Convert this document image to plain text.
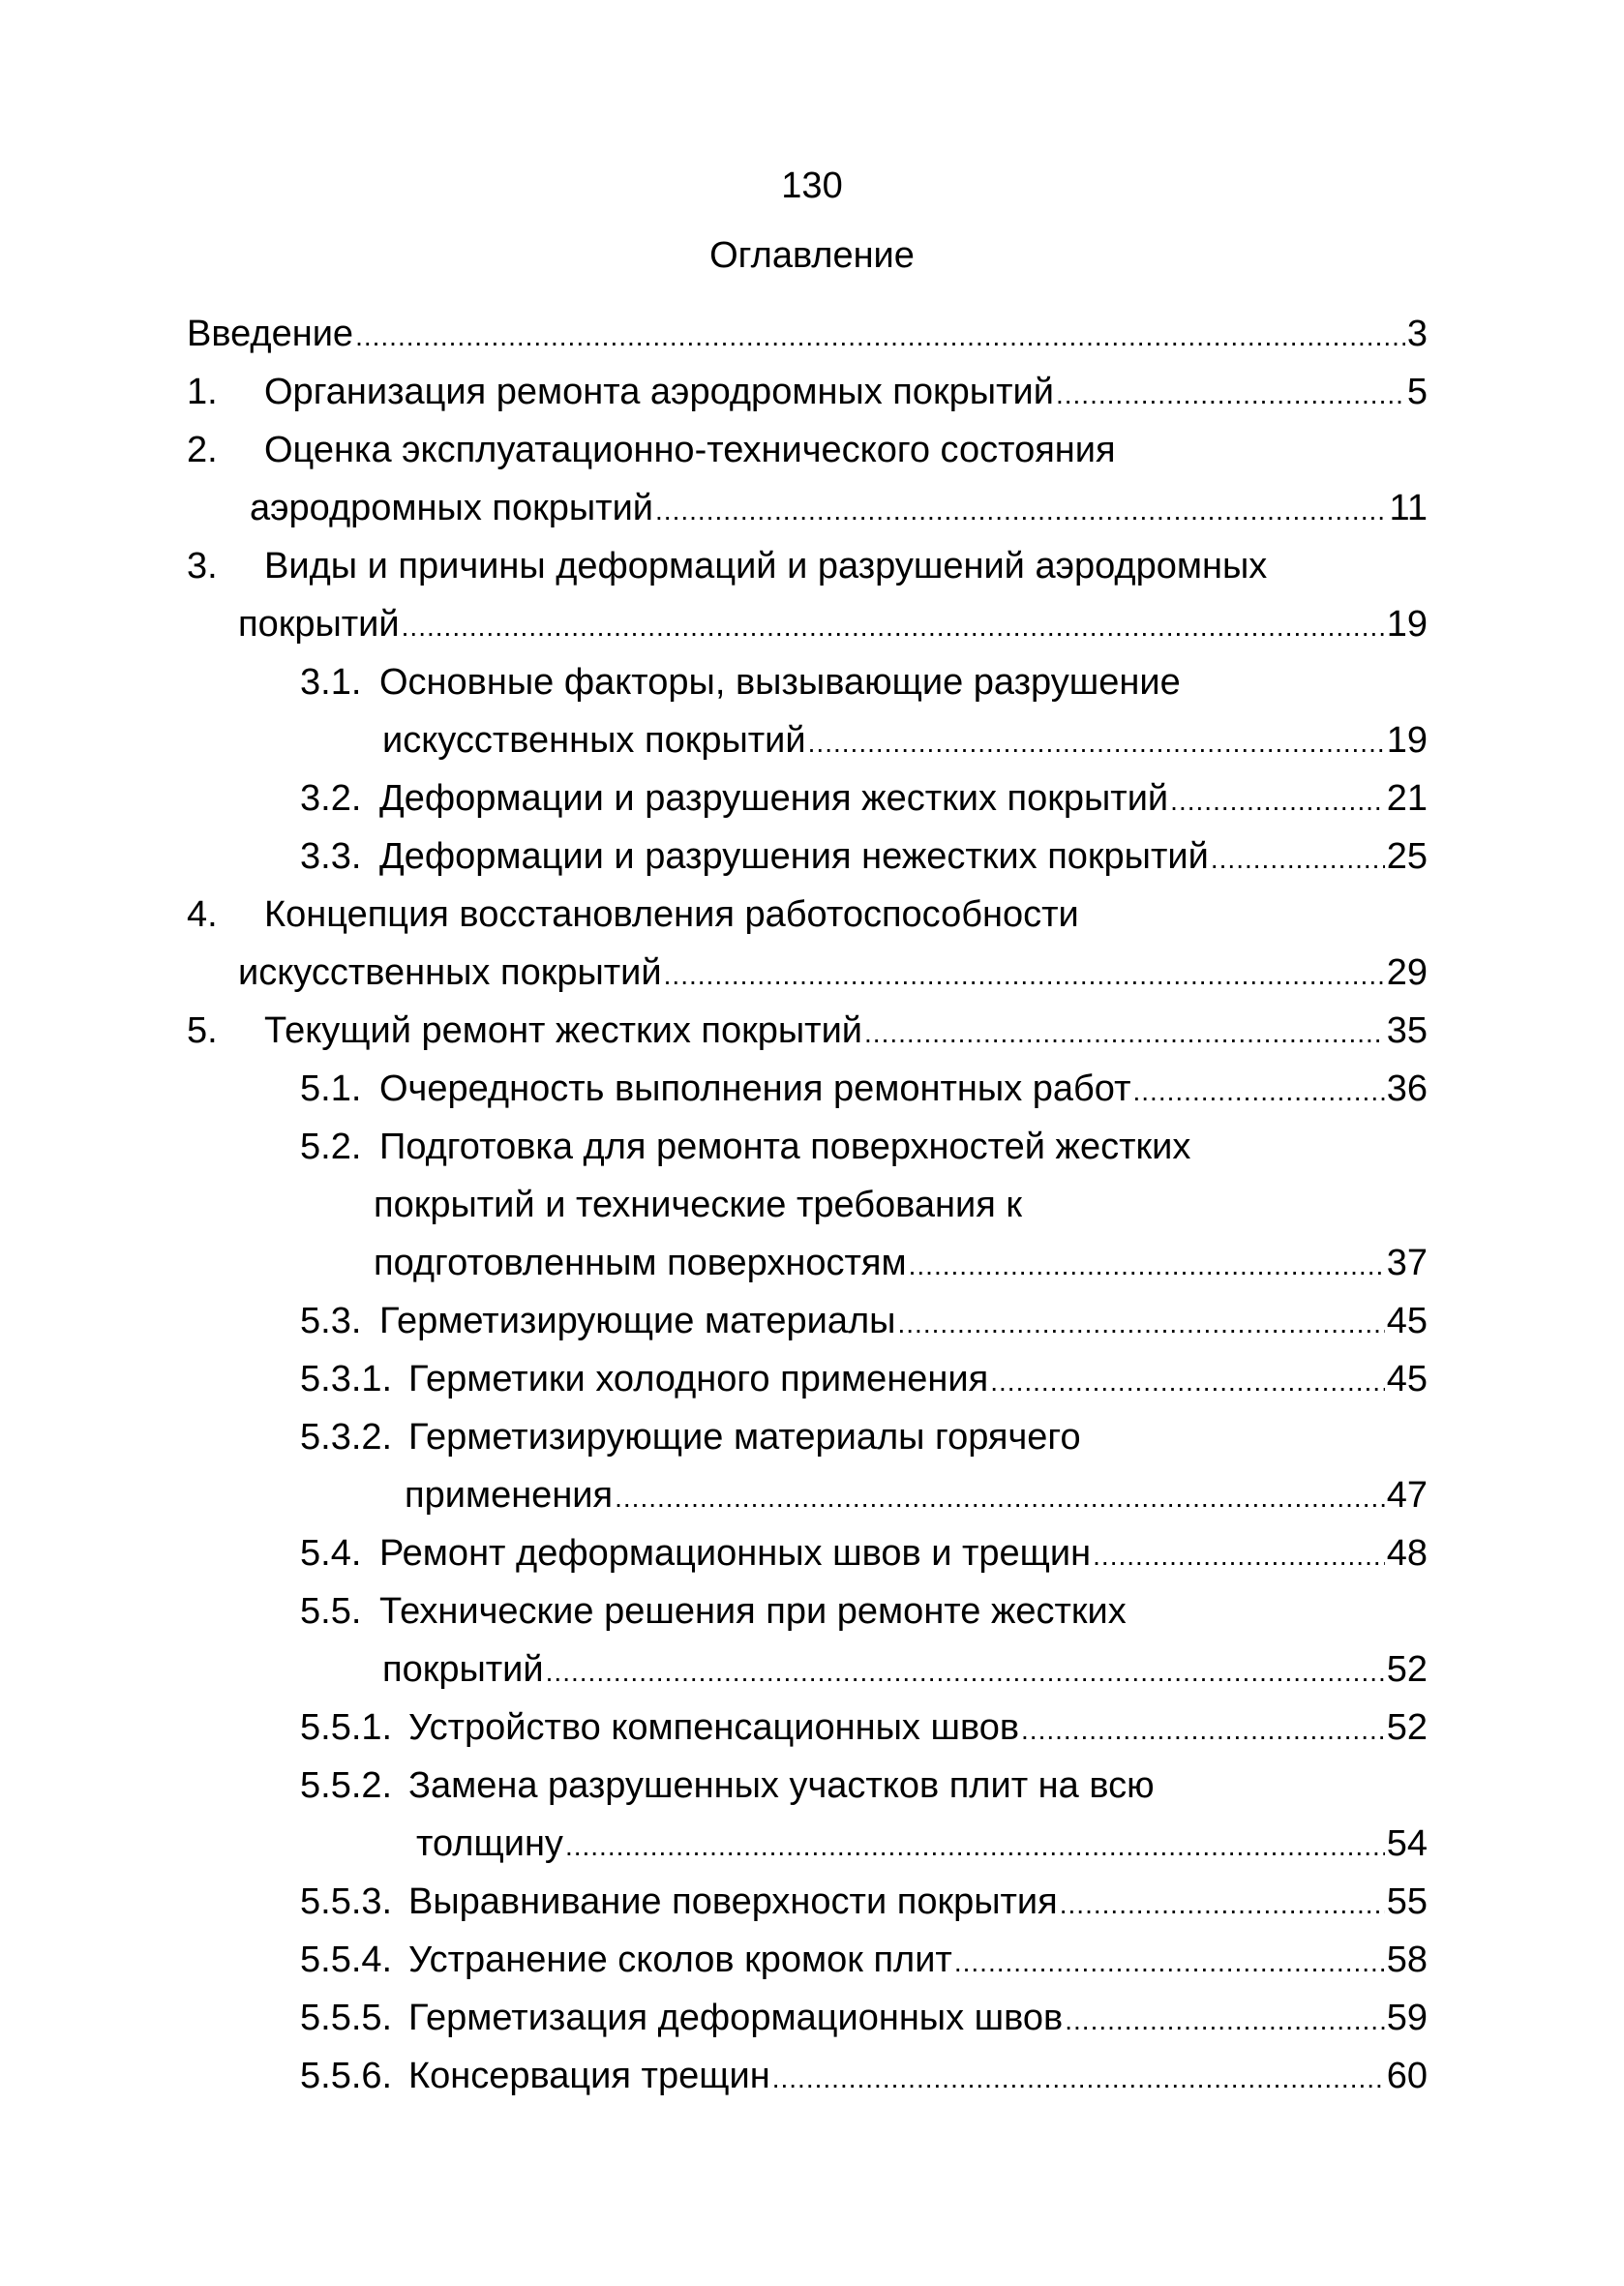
130
Оглавление
Введение .....	3
1.	Организация ремонта аэродромных покрытий .....	5
2.	Оценка эксплуатационно-технического состояния
аэродромных покрытий .....	11
3.	Виды и причины деформаций и разрушений аэродромных
покрытий .....	19
3.1. Основные факторы, вызывающие разрушение
искусственных покрытий .....	19
3.2. Деформации и разрушения жестких покрытий .....	21
3.3. Деформации и разрушения нежестких покрытий .....	25
4.	Концепция восстановления работоспособности
искусственных покрытий .....	29
5.	Текущий ремонт жестких покрытий .....	35
5.1. Очередность выполнения ремонтных работ .....	36
5.2. Подготовка для ремонта поверхностей жестких
покрытий и технические требования к
подготовленным поверхностям .....	37
5.3. Герметизирующие материалы .....	45
5.3.1. Герметики холодного применения .....	45
5.3.2. Герметизирующие материалы горячего
применения .....	47
5.4. Ремонт деформационных швов и трещин .....	48
5.5. Технические решения при ремонте жестких
покрытий .....	52
5.5.1. Устройство компенсационных швов .....	52
5.5.2. Замена разрушенных участков плит на всю
толщину .....	54
5.5.3. Выравнивание поверхности покрытия .....	55
5.5.4. Устранение сколов кромок плит .....	58
5.5.5. Герметизация деформационных швов .....	59
5.5.6. Консервация трещин .....	60
